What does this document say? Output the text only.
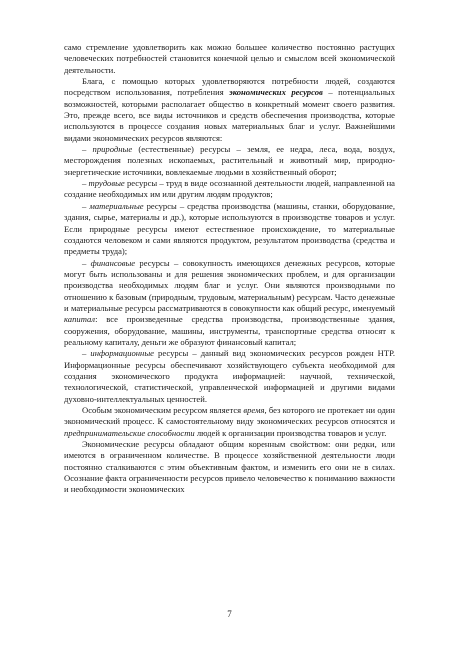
само стремление удовлетворить как можно большее количество постоянно растущих человеческих потребностей становится конечной целью и смыслом всей экономической деятельности.

Блага, с помощью которых удовлетворяются потребности людей, создаются посредством использования, потребления экономических ресурсов – потенциальных возможностей, которыми располагает общество в конкретный момент своего развития. Это, прежде всего, все виды источников и средств обеспечения производства, которые используются в процессе создания новых материальных благ и услуг. Важнейшими видами экономических ресурсов являются:

– природные (естественные) ресурсы – земля, ее недра, леса, вода, воздух, месторождения полезных ископаемых, растительный и животный мир, природно-энергетические источники, вовлекаемые людьми в хозяйственный оборот;

– трудовые ресурсы – труд в виде осознанной деятельности людей, направленной на создание необходимых им или другим людям продуктов;

– материальные ресурсы – средства производства (машины, станки, оборудование, здания, сырье, материалы и др.), которые используются в производстве товаров и услуг. Если природные ресурсы имеют естественное происхождение, то материальные создаются человеком и сами являются продуктом, результатом производства (средства и предметы труда);

– финансовые ресурсы – совокупность имеющихся денежных ресурсов, которые могут быть использованы и для решения экономических проблем, и для организации производства необходимых людям благ и услуг. Они являются производными по отношению к базовым (природным, трудовым, материальным) ресурсам. Часто денежные и материальные ресурсы рассматриваются в совокупности как общий ресурс, именуемый капитал: все произведенные средства производства, производственные здания, сооружения, оборудование, машины, инструменты, транспортные средства относят к реальному капиталу, деньги же образуют финансовый капитал;

– информационные ресурсы – данный вид экономических ресурсов рожден НТР. Информационные ресурсы обеспечивают хозяйствующего субъекта необходимой для создания экономического продукта информацией: научной, технической, технологической, статистической, управленческой информацией и другими видами духовно-интеллектуальных ценностей.

Особым экономическим ресурсом является время, без которого не протекает ни один экономический процесс. К самостоятельному виду экономических ресурсов относятся и предпринимательские способности людей к организации производства товаров и услуг.

Экономические ресурсы обладают общим коренным свойством: они редки, или имеются в ограниченном количестве. В процессе хозяйственной деятельности люди постоянно сталкиваются с этим объективным фактом, и изменить его они не в силах. Осознание факта ограниченности ресурсов привело человечество к пониманию важности и необходимости экономических

7
